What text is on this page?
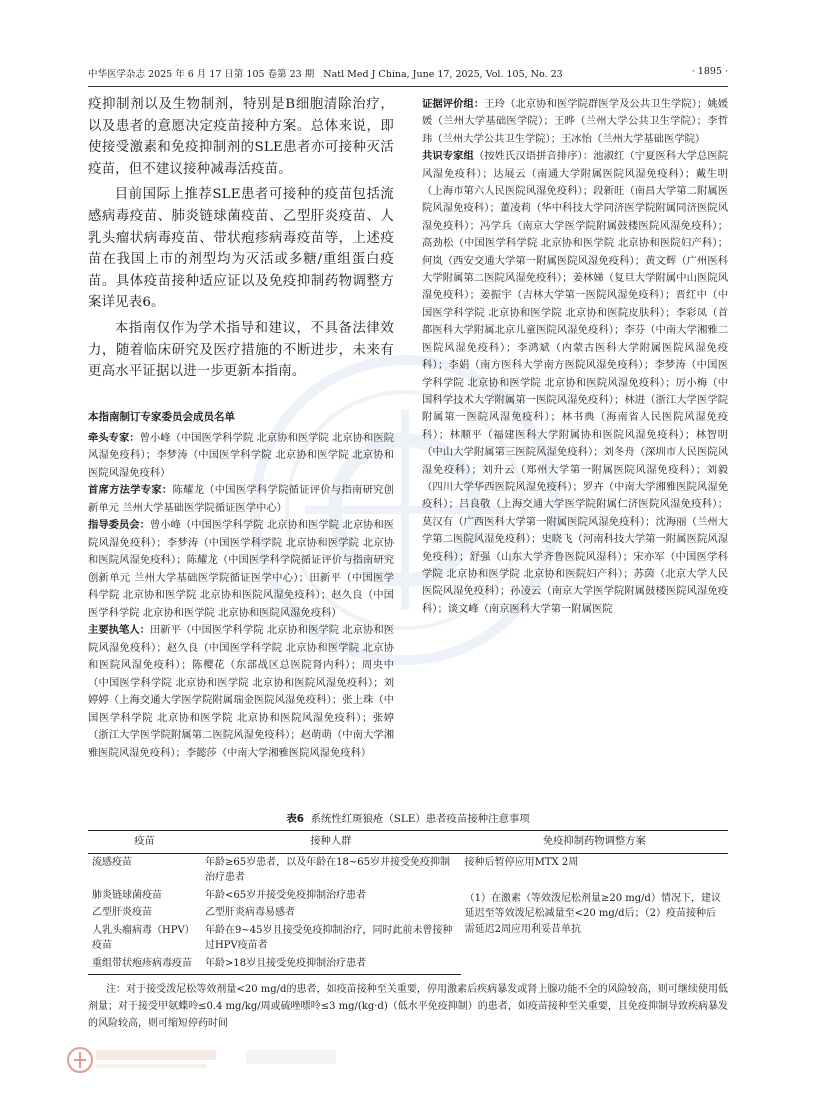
中华医学杂志 2025 年 6 月 17 日第 105 卷第 23 期 Natl Med J China, June 17, 2025, Vol. 105, No. 23	· 1895 ·

疫抑制剂以及生物制剂，特别是B细胞清除治疗，以及患者的意愿决定疫苗接种方案。总体来说，即使接受激素和免疫抑制剂的SLE患者亦可接种灭活疫苗，但不建议接种减毒活疫苗。

目前国际上推荐SLE患者可接种的疫苗包括流感病毒疫苗、肺炎链球菌疫苗、乙型肝炎疫苗、人乳头瘤状病毒疫苗、带状疱疹病毒疫苗等，上述疫苗在我国上市的剂型均为灭活或多糖/重组蛋白疫苗。具体疫苗接种适应证以及免疫抑制药物调整方案详见表6。

本指南仅作为学术指导和建议，不具备法律效力，随着临床研究及医疗措施的不断进步，未来有更高水平证据以进一步更新本指南。

本指南制订专家委员会成员名单

牵头专家：曾小峰（中国医学科学院 北京协和医学院 北京协和医院风湿免疫科）；李梦涛（中国医学科学院 北京协和医学院 北京协和医院风湿免疫科）

首席方法学专家：陈耀龙（中国医学科学院循证评价与指南研究创新单元 兰州大学基础医学院循证医学中心）

指导委员会：曾小峰（中国医学科学院 北京协和医学院 北京协和医院风湿免疫科）；李梦涛（中国医学科学院 北京协和医学院 北京协和医院风湿免疫科）；陈耀龙（中国医学科学院循证评价与指南研究创新单元 兰州大学基础医学院循证医学中心）；田新平（中国医学科学院 北京协和医学院 北京协和医院风湿免疫科）；赵久良（中国医学科学院 北京协和医学院 北京协和医院风湿免疫科）

主要执笔人：田新平（中国医学科学院 北京协和医学院 北京协和医院风湿免疫科）；赵久良（中国医学科学院 北京协和医学院 北京协和医院风湿免疫科）；陈樱花（东部战区总医院肾内科）；周央中（中国医学科学院 北京协和医学院 北京协和医院风湿免疫科）；刘婷婷（上海交通大学医学院附属瑞金医院风湿免疫科）；张上珠（中国医学科学院 北京协和医学院 北京协和医院风湿免疫科）；张婷（浙江大学医学院附属第二医院风湿免疫科）；赵萌萌（中南大学湘雅医院风湿免疫科）；李懿莎（中南大学湘雅医院风湿免疫科）

证据评价组：王玲（北京协和医学院群医学及公共卫生学院）；姚媛媛（兰州大学基础医学院）；王晔（兰州大学公共卫生学院）；李哲玮（兰州大学公共卫生学院）；王冰怡（兰州大学基础医学院）

共识专家组（按姓氏汉语拼音排序）：池淑红（宁夏医科大学总医院风湿免疫科）；达展云（南通大学附属医院风湿免疫科）；戴生明（上海市第六人民医院风湿免疫科）；段新旺（南昌大学第二附属医院风湿免疫科）；董凌莉（华中科技大学同济医学院附属同济医院风湿免疫科）；冯学兵（南京大学医学院附属鼓楼医院风湿免疫科）；高劲松（中国医学科学院 北京协和医学院 北京协和医院妇产科）；何岚（西安交通大学第一附属医院风湿免疫科）；黄文辉（广州医科大学附属第二医院风湿免疫科）；姜林娣（复旦大学附属中山医院风湿免疫科）；姜振宇（吉林大学第一医院风湿免疫科）；晋红中（中国医学科学院 北京协和医学院 北京协和医院皮肤科）；李彩凤（首都医科大学附属北京儿童医院风湿免疫科）；李芬（中南大学湘雅二医院风湿免疫科）；李鸿斌（内蒙古医科大学附属医院风湿免疫科）；李娟（南方医科大学南方医院风湿免疫科）；李梦涛（中国医学科学院 北京协和医学院 北京协和医院风湿免疫科）；厉小梅（中国科学技术大学附属第一医院风湿免疫科）；林进（浙江大学医学院附属第一医院风湿免疫科）；林书典（海南省人民医院风湿免疫科）；林顺平（福建医科大学附属协和医院风湿免疫科）；林智明（中山大学附属第三医院风湿免疫科）；刘冬舟（深圳市人民医院风湿免疫科）；刘升云（郑州大学第一附属医院风湿免疫科）；刘毅（四川大学华西医院风湿免疫科）；罗卉（中南大学湘雅医院风湿免疫科）；吕良敬（上海交通大学医学院附属仁济医院风湿免疫科）；莫汉有（广西医科大学第一附属医院风湿免疫科）；沈海丽（兰州大学第二医院风湿免疫科）；史晓飞（河南科技大学第一附属医院风湿免疫科）；舒强（山东大学齐鲁医院风湿科）；宋亦军（中国医学科学院 北京协和医学院 北京协和医院妇产科）；苏茵（北京大学人民医院风湿免疫科）；孙凌云（南京大学医学院附属鼓楼医院风湿免疫科）；谈文峰（南京医科大学第一附属医院

表6 系统性红斑狼疮（SLE）患者疫苗接种注意事项

疫苗	接种人群	免疫抑制药物调整方案
流感疫苗	年龄≥65岁患者，以及年龄在18~65岁并接受免疫抑制治疗患者	接种后暂停应用MTX 2周
肺炎链球菌疫苗	年龄<65岁并接受免疫抑制治疗患者	（1）在激素（等效泼尼松剂量≥20 mg/d）情况下，建议延迟至等效泼尼松减量至<20 mg/d后；（2）疫苗接种后需延迟2周应用利妥昔单抗
乙型肝炎疫苗	乙型肝炎病毒易感者	
人乳头瘤病毒（HPV）疫苗	年龄在9~45岁且接受免疫抑制治疗，同时此前未曾接种过HPV疫苗者	
重组带状疱疹病毒疫苗	年龄>18岁且接受免疫抑制治疗患者	

注：对于接受泼尼松等效剂量<20 mg/d的患者，如疫苗接种至关重要，停用激素后疾病暴发或肾上腺功能不全的风险较高，则可继续使用低剂量；对于接受甲氨蝶呤≤0.4 mg/kg/周或硫唑嘌呤≤3 mg/(kg·d)（低水平免疫抑制）的患者，如疫苗接种至关重要，且免疫抑制导致疾病暴发的风险较高，则可缩短停药时间
